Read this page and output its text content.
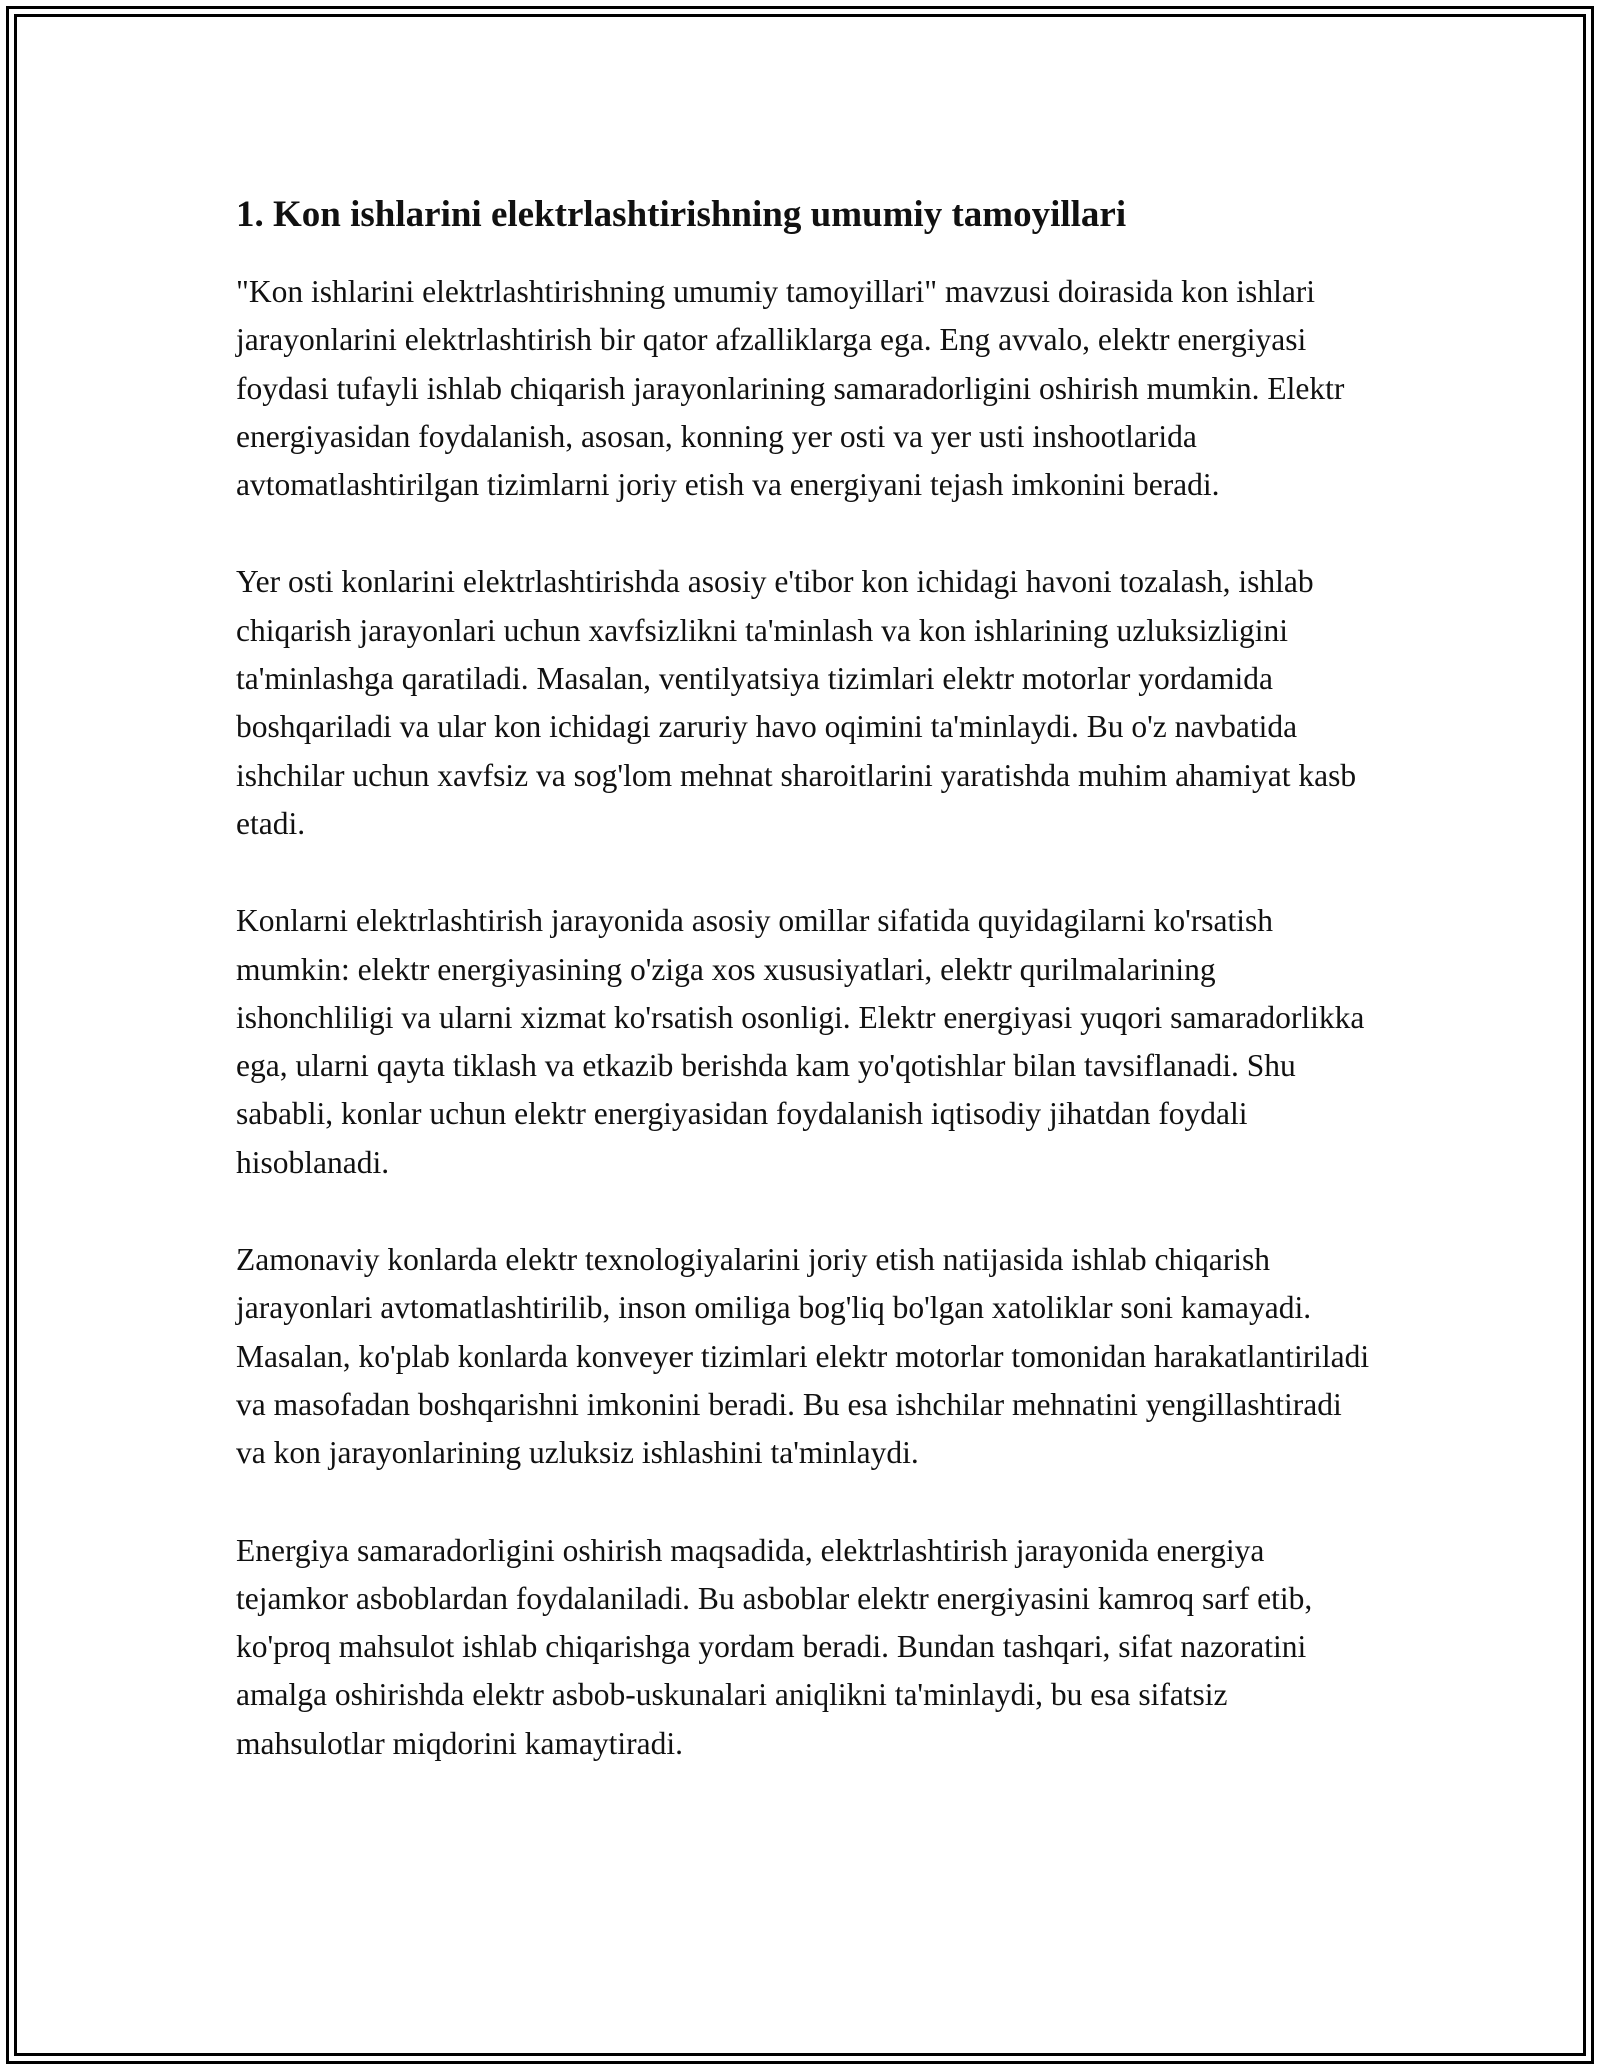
1. Kon ishlarini elektrlashtirishning umumiy tamoyillari

"Kon ishlarini elektrlashtirishning umumiy tamoyillari" mavzusi doirasida kon ishlari jarayonlarini elektrlashtirish bir qator afzalliklarga ega. Eng avvalo, elektr energiyasi foydasi tufayli ishlab chiqarish jarayonlarining samaradorligini oshirish mumkin. Elektr energiyasidan foydalanish, asosan, konning yer osti va yer usti inshootlarida avtomatlashtirilgan tizimlarni joriy etish va energiyani tejash imkonini beradi.

Yer osti konlarini elektrlashtirishda asosiy e'tibor kon ichidagi havoni tozalash, ishlab chiqarish jarayonlari uchun xavfsizlikni ta'minlash va kon ishlarining uzluksizligini ta'minlashga qaratiladi. Masalan, ventilyatsiya tizimlari elektr motorlar yordamida boshqariladi va ular kon ichidagi zaruriy havo oqimini ta'minlaydi. Bu o'z navbatida ishchilar uchun xavfsiz va sog'lom mehnat sharoitlarini yaratishda muhim ahamiyat kasb etadi.

Konlarni elektrlashtirish jarayonida asosiy omillar sifatida quyidagilarni ko'rsatish mumkin: elektr energiyasining o'ziga xos xususiyatlari, elektr qurilmalarining ishonchliligi va ularni xizmat ko'rsatish osonligi. Elektr energiyasi yuqori samaradorlikka ega, ularni qayta tiklash va etkazib berishda kam yo'qotishlar bilan tavsiflanadi. Shu sababli, konlar uchun elektr energiyasidan foydalanish iqtisodiy jihatdan foydali hisoblanadi.

Zamonaviy konlarda elektr texnologiyalarini joriy etish natijasida ishlab chiqarish jarayonlari avtomatlashtirilib, inson omiliga bog'liq bo'lgan xatoliklar soni kamayadi. Masalan, ko'plab konlarda konveyer tizimlari elektr motorlar tomonidan harakatlantiriladi va masofadan boshqarishni imkonini beradi. Bu esa ishchilar mehnatini yengillashtiradi va kon jarayonlarining uzluksiz ishlashini ta'minlaydi.

Energiya samaradorligini oshirish maqsadida, elektrlashtirish jarayonida energiya tejamkor asboblardan foydalaniladi. Bu asboblar elektr energiyasini kamroq sarf etib, ko'proq mahsulot ishlab chiqarishga yordam beradi. Bundan tashqari, sifat nazoratini amalga oshirishda elektr asbob-uskunalari aniqlikni ta'minlaydi, bu esa sifatsiz mahsulotlar miqdorini kamaytiradi.
